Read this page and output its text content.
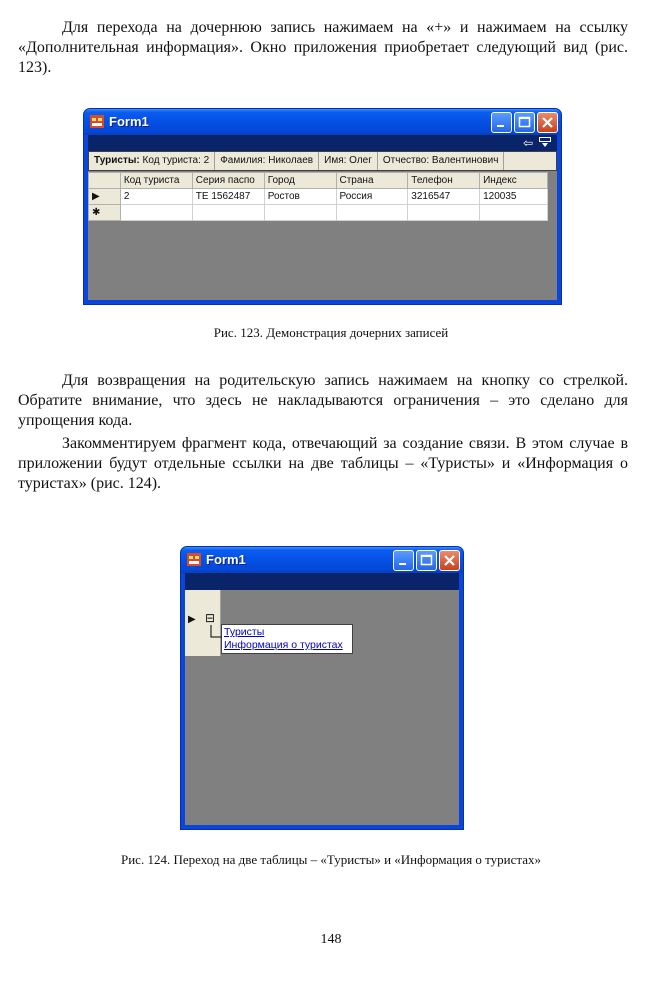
Для перехода на дочернюю запись нажимаем на «+» и нажимаем на ссылку «Дополнительная информация». Окно приложения приобретает следующий вид (рис. 123).

Form1
⇦
Туристы: Код туриста: 2 Фамилия: Николаев Имя: Олег Отчество: Валентинович
	Код туриста	Серия паспо	Город	Страна	Телефон	Индекс
▶	2	TE 1562487	Ростов	Россия	3216547	120035
✱						
Рис. 123. Демонстрация дочерних записей

Для возвращения на родительскую запись нажимаем на кнопку со стрелкой. Обратите внимание, что здесь не накладываются ограничения – это сделано для упрощения кода.

Закомментируем фрагмент кода, отвечающий за создание связи. В этом случае в приложении будут отдельные ссылки на две таблицы – «Туристы» и «Информация о туристах» (рис. 124).

Form1
▶ ⊟
Туристы
Информация о туристах
Рис. 124. Переход на две таблицы – «Туристы» и «Информация о туристах»
148
